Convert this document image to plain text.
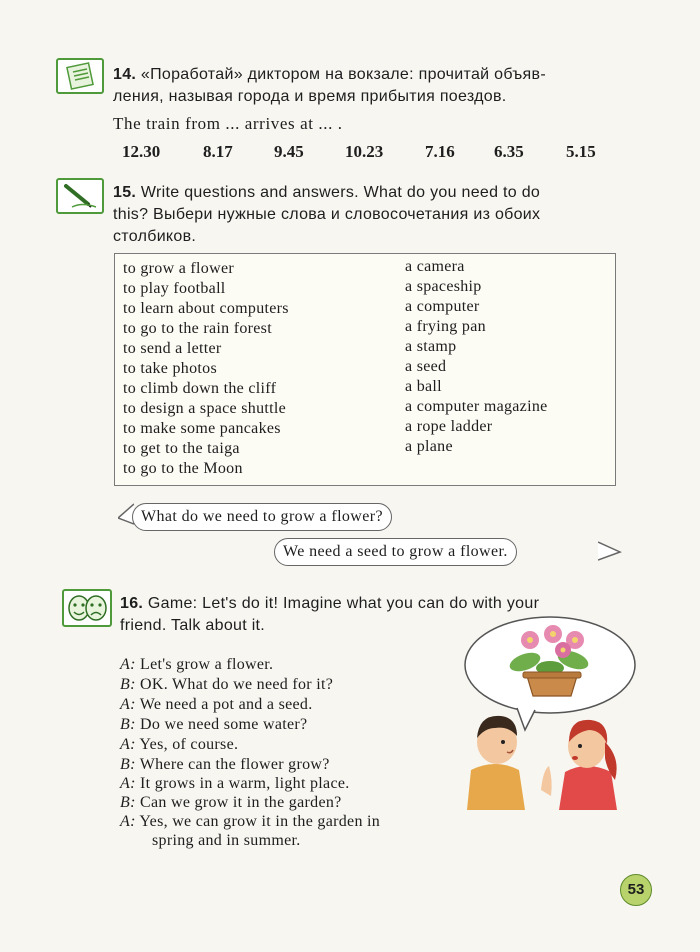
14. «Поработай» диктором на вокзале: прочитай объяв-
ления, называя города и время прибытия поездов.
The train from ... arrives at ... .
12.30	8.17 9.45 10.23 7.16 6.35 5.15
15. Write questions and answers. What do you need to do
this? Выбери нужные слова и словосочетания из обоих
столбиков.
to grow a flower
to play football
to learn about computers
to go to the rain forest
to send a letter
to take photos
to climb down the cliff
to design a space shuttle
to make some pancakes
to get to the taiga
to go to the Moon
a camera
a spaceship
a computer
a frying pan
a stamp
a seed
a ball
a computer magazine
a rope ladder
a plane
What do we need to grow a flower?
We need a seed to grow a flower.
16. Game: Let's do it! Imagine what you can do with your
friend. Talk about it.
A: Let's grow a flower.
B: OK. What do we need for it?
A: We need a pot and a seed.
B: Do we need some water?
A: Yes, of course.
B: Where can the flower grow?
A: It grows in a warm, light place.
B: Can we grow it in the garden?
A: Yes, we can grow it in the garden in
spring and in summer.
53
